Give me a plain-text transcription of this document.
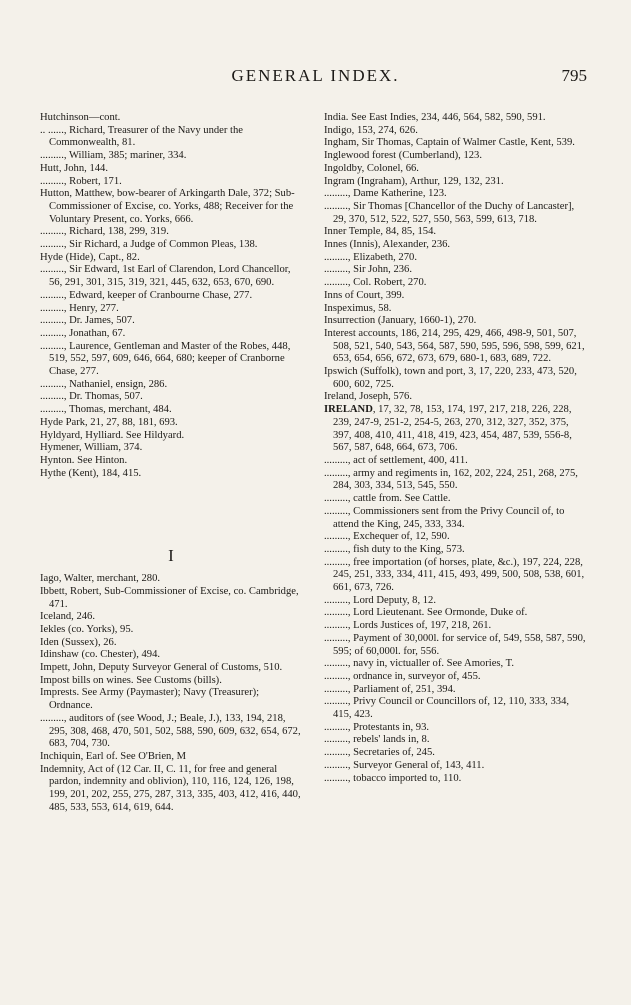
GENERAL INDEX.	795

Hutchinson—cont.

.. ......, Richard, Treasurer of the Navy under the Commonwealth, 81.

........., William, 385; mariner, 334.

Hutt, John, 144.

........., Robert, 171.

Hutton, Matthew, bow-bearer of Arkingarth Dale, 372; Sub-Commissioner of Excise, co. Yorks, 488; Receiver for the Voluntary Present, co. Yorks, 666.

........., Richard, 138, 299, 319.

........., Sir Richard, a Judge of Common Pleas, 138.

Hyde (Hide), Capt., 82.

........., Sir Edward, 1st Earl of Clarendon, Lord Chancellor, 56, 291, 301, 315, 319, 321, 445, 632, 653, 670, 690.

........., Edward, keeper of Cranbourne Chase, 277.

........., Henry, 277.

........., Dr. James, 507.

........., Jonathan, 67.

........., Laurence, Gentleman and Master of the Robes, 448, 519, 552, 597, 609, 646, 664, 680; keeper of Cranborne Chase, 277.

........., Nathaniel, ensign, 286.

........., Dr. Thomas, 507.

........., Thomas, merchant, 484.

Hyde Park, 21, 27, 88, 181, 693.

Hyldyard, Hylliard. See Hildyard.

Hymener, William, 374.

Hynton. See Hinton.

Hythe (Kent), 184, 415.

I

Iago, Walter, merchant, 280.

Ibbett, Robert, Sub-Commissioner of Excise, co. Cambridge, 471.

Iceland, 246.

Iekles (co. Yorks), 95.

Iden (Sussex), 26.

Idinshaw (co. Chester), 494.

Impett, John, Deputy Surveyor General of Customs, 510.

Impost bills on wines. See Customs (bills).

Imprests. See Army (Paymaster); Navy (Treasurer); Ordnance.

........., auditors of (see Wood, J.; Beale, J.), 133, 194, 218, 295, 308, 468, 470, 501, 502, 588, 590, 609, 632, 654, 672, 683, 704, 730.

Inchiquin, Earl of. See O'Brien, M

Indemnity, Act of (12 Car. II, C. 11, for free and general pardon, indemnity and oblivion), 110, 116, 124, 126, 198, 199, 201, 202, 255, 275, 287, 313, 335, 403, 412, 416, 440, 485, 533, 553, 614, 619, 644.

India. See East Indies, 234, 446, 564, 582, 590, 591.

Indigo, 153, 274, 626.

Ingham, Sir Thomas, Captain of Walmer Castle, Kent, 539.

Inglewood forest (Cumberland), 123.

Ingoldby, Colonel, 66.

Ingram (Ingraham), Arthur, 129, 132, 231.

........., Dame Katherine, 123.

........., Sir Thomas [Chancellor of the Duchy of Lancaster], 29, 370, 512, 522, 527, 550, 563, 599, 613, 718.

Inner Temple, 84, 85, 154.

Innes (Innis), Alexander, 236.

........., Elizabeth, 270.

........., Sir John, 236.

........., Col. Robert, 270.

Inns of Court, 399.

Inspeximus, 58.

Insurrection (January, 1660-1), 270.

Interest accounts, 186, 214, 295, 429, 466, 498-9, 501, 507, 508, 521, 540, 543, 564, 587, 590, 595, 596, 598, 599, 621, 653, 654, 656, 672, 673, 679, 680-1, 683, 689, 722.

Ipswich (Suffolk), town and port, 3, 17, 220, 233, 473, 520, 600, 602, 725.

Ireland, Joseph, 576.

IRELAND, 17, 32, 78, 153, 174, 197, 217, 218, 226, 228, 239, 247-9, 251-2, 254-5, 263, 270, 312, 327, 352, 375, 397, 408, 410, 411, 418, 419, 423, 454, 487, 539, 556-8, 567, 587, 648, 664, 673, 706.

........., act of settlement, 400, 411.

........., army and regiments in, 162, 202, 224, 251, 268, 275, 284, 303, 334, 513, 545, 550.

........., cattle from. See Cattle.

........., Commissioners sent from the Privy Council of, to attend the King, 245, 333, 334.

........., Exchequer of, 12, 590.

........., fish duty to the King, 573.

........., free importation (of horses, plate, &c.), 197, 224, 228, 245, 251, 333, 334, 411, 415, 493, 499, 500, 508, 538, 601, 661, 673, 726.

........., Lord Deputy, 8, 12.

........., Lord Lieutenant. See Ormonde, Duke of.

........., Lords Justices of, 197, 218, 261.

........., Payment of 30,000l. for service of, 549, 558, 587, 590, 595; of 60,000l. for, 556.

........., navy in, victualler of. See Amories, T.

........., ordnance in, surveyor of, 455.

........., Parliament of, 251, 394.

........., Privy Council or Councillors of, 12, 110, 333, 334, 415, 423.

........., Protestants in, 93.

........., rebels' lands in, 8.

........., Secretaries of, 245.

........., Surveyor General of, 143, 411.

........., tobacco imported to, 110.
